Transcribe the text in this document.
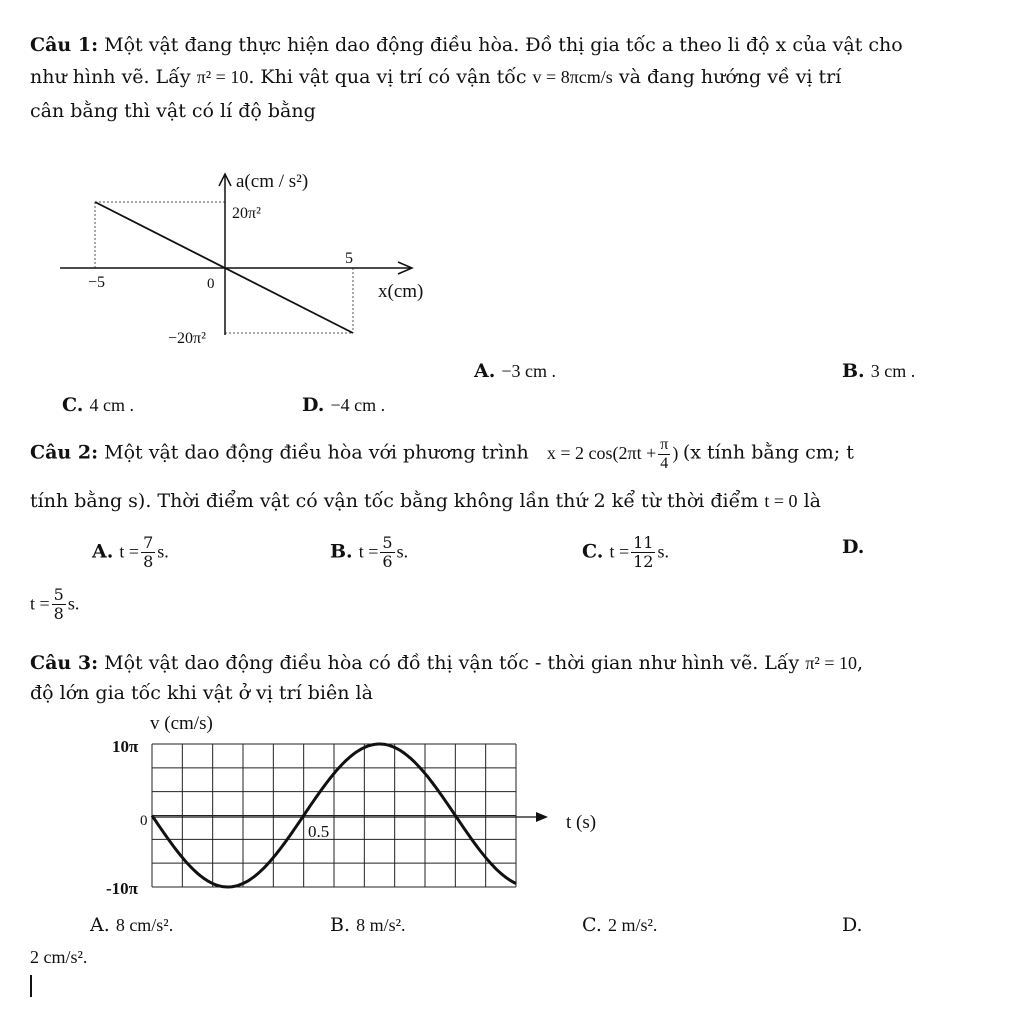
Câu 1: Một vật đang thực hiện dao động điều hòa. Đồ thị gia tốc a theo li độ x của vật cho
như hình vẽ. Lấy π² = 10. Khi vật qua vị trí có vận tốc v = 8πcm/s và đang hướng về vị trí
cân bằng thì vật có lí độ bằng
a(cm / s²)
20π²
−20π²
−5
5
0	x(cm)
A. −3 cm .	B. 3 cm .
C. 4 cm .	D. −4 cm .
Câu 2: Một vật dao động điều hòa với phương trình x = 2 $\cos(2\pi t + \frac{\pi}{4}$ ) (x tính bằng cm; t
tính bằng s). Thời điểm vật có vận tốc bằng không lần thứ 2 kể từ thời điểm t = 0 là
A. $t = \frac{7}{8} s$.	B. $t = \frac{5}{6} s$.	C. $t = \frac{11}{12} s$.	D.
$t = \frac{5}{8} s$.
Câu 3: Một vật dao động điều hòa có đồ thị vận tốc - thời gian như hình vẽ. Lấy π² = 10,
độ lớn gia tốc khi vật ở vị trí biên là
v (cm/s)
10π
0
-10π
0.5	t (s)
A. 8 cm/s².	B. 8 m/s².	C. 2 m/s².	D.
2 cm/s².
